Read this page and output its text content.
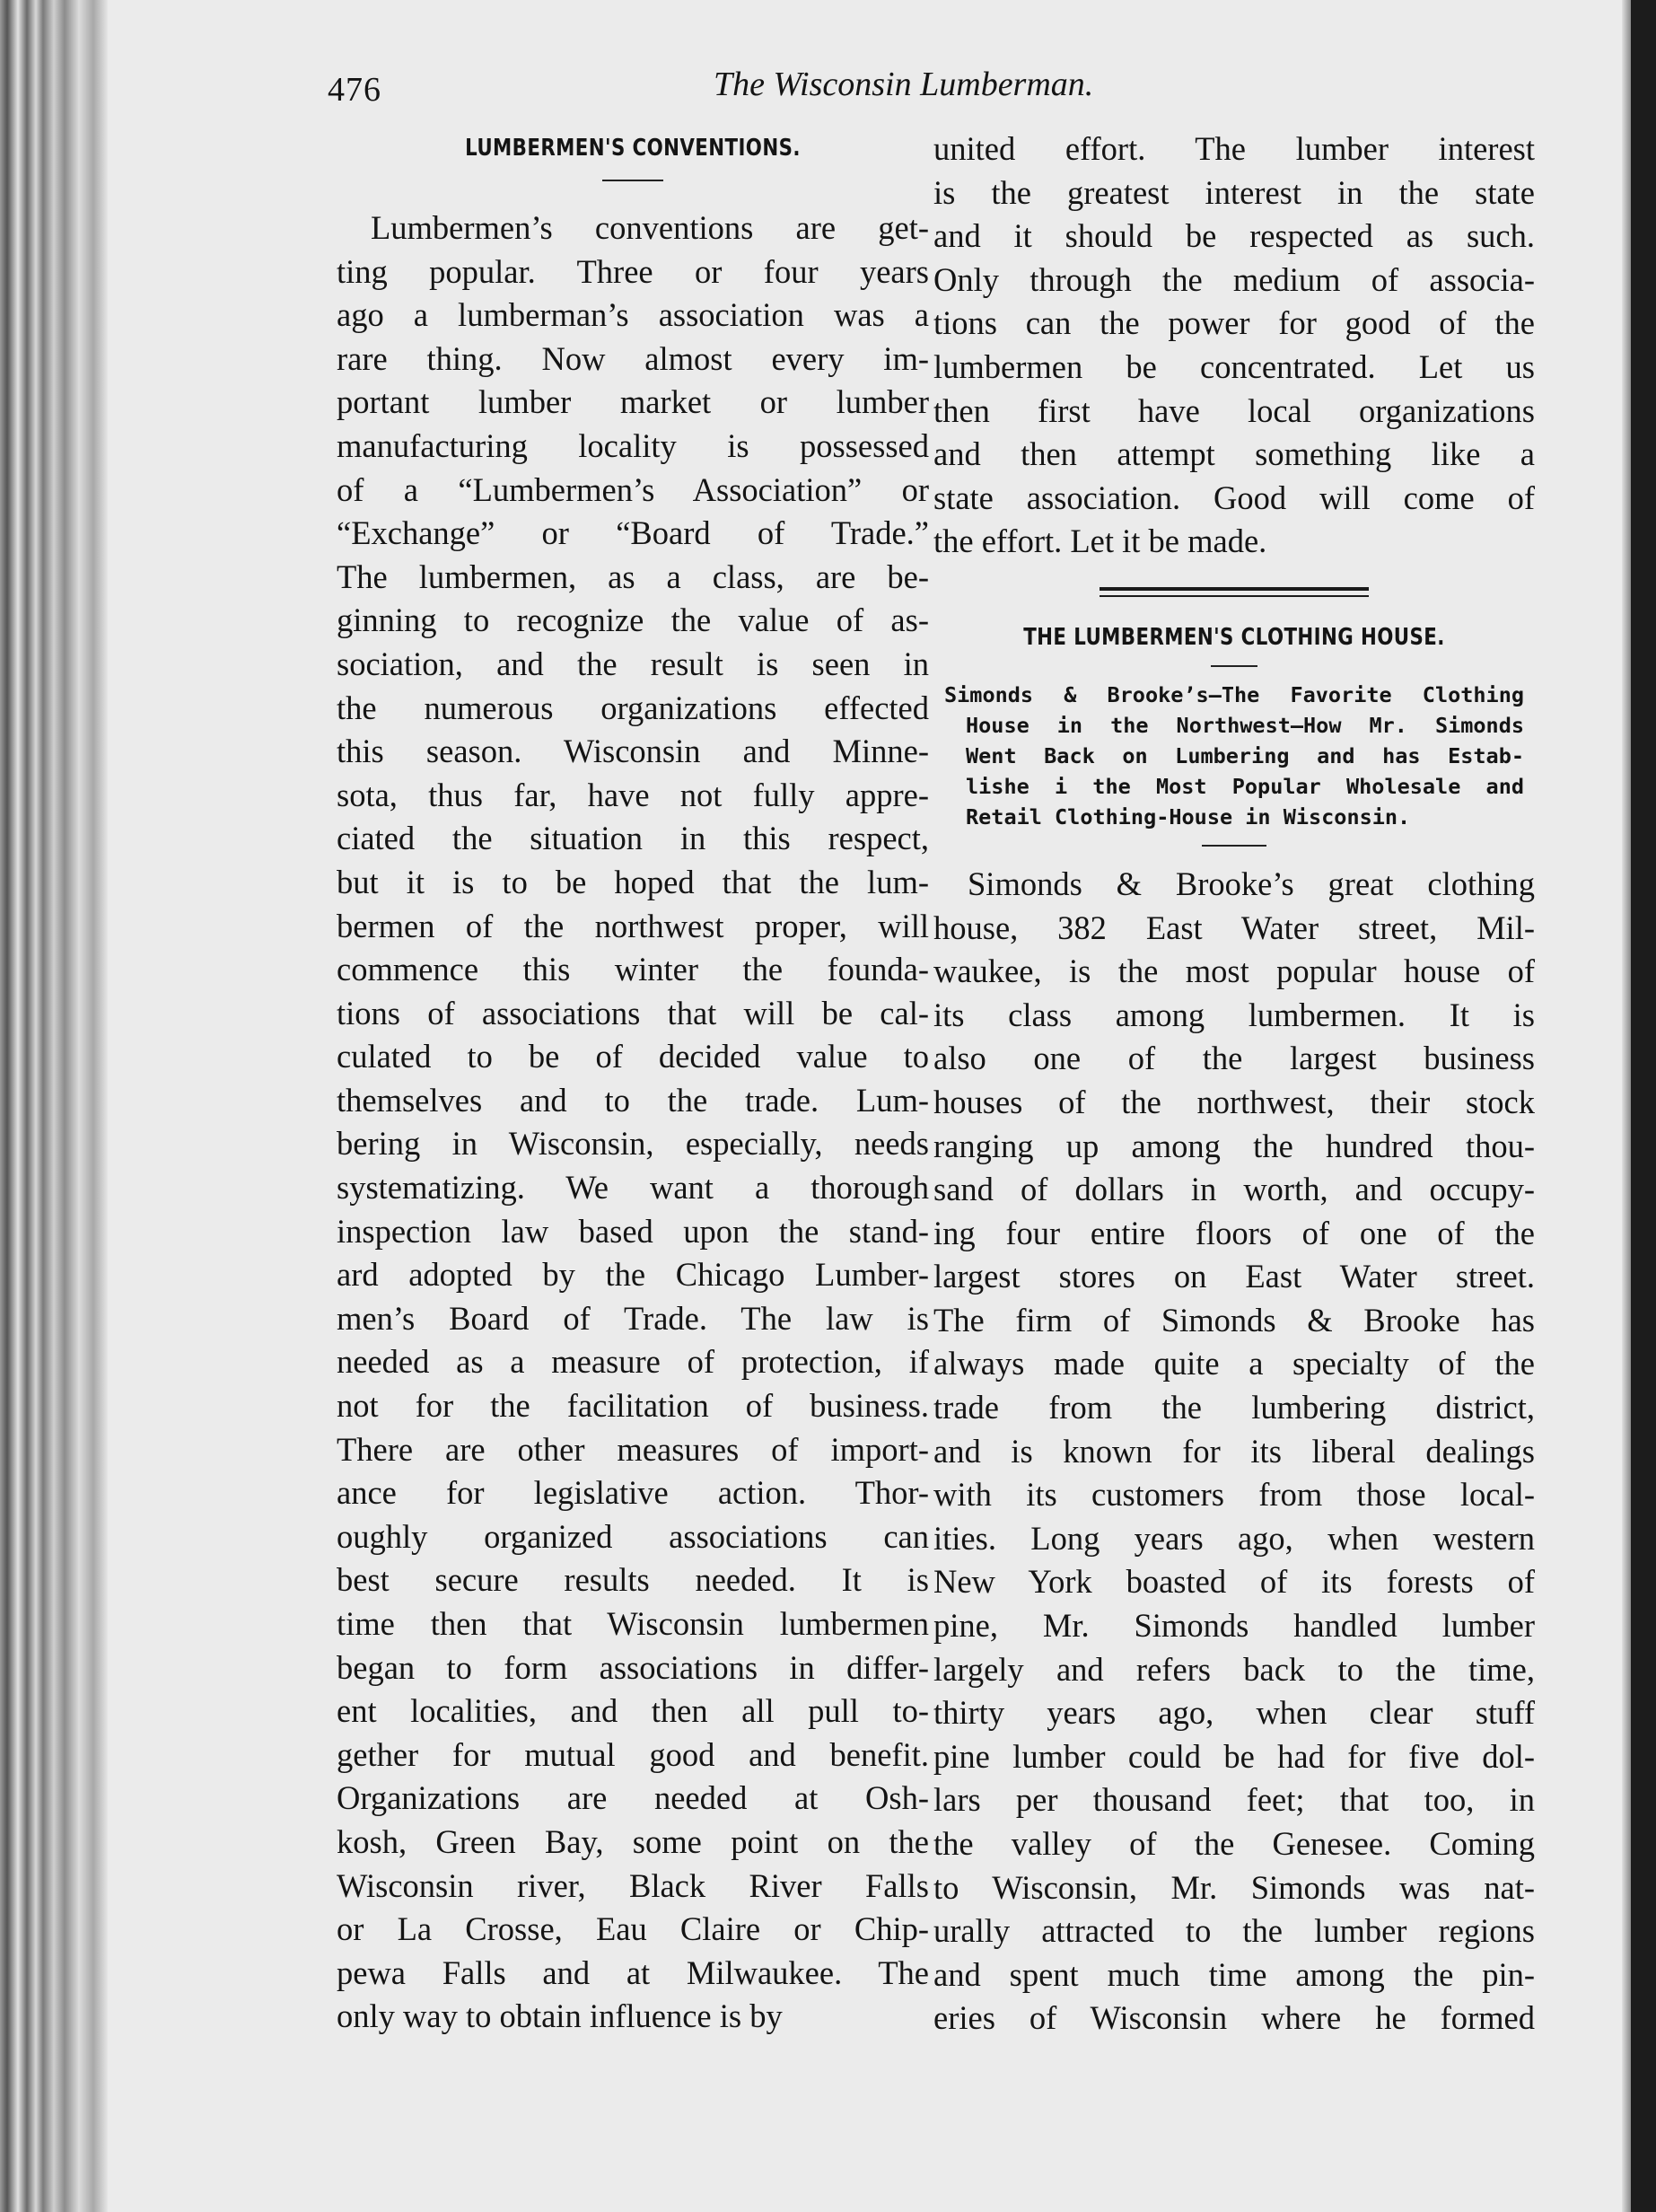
476	The Wisconsin Lumberman.
LUMBERMEN'S CONVENTIONS.
Lumbermen’s conventions are get-
ting popular. Three or four years
ago a lumberman’s association was a
rare thing. Now almost every im-
portant lumber market or lumber
manufacturing locality is possessed
of a “Lumbermen’s Association” or
“Exchange” or “Board of Trade.”
The lumbermen, as a class, are be-
ginning to recognize the value of as-
sociation, and the result is seen in
the numerous organizations effected
this season. Wisconsin and Minne-
sota, thus far, have not fully appre-
ciated the situation in this respect,
but it is to be hoped that the lum-
bermen of the northwest proper, will
commence this winter the founda-
tions of associations that will be cal-
culated to be of decided value to
themselves and to the trade. Lum-
bering in Wisconsin, especially, needs
systematizing. We want a thorough
inspection law based upon the stand-
ard adopted by the Chicago Lumber-
men’s Board of Trade. The law is
needed as a measure of protection, if
not for the facilitation of business.
There are other measures of import-
ance for legislative action. Thor-
oughly organized associations can
best secure results needed. It is
time then that Wisconsin lumbermen
began to form associations in differ-
ent localities, and then all pull to-
gether for mutual good and benefit.
Organizations are needed at Osh-
kosh, Green Bay, some point on the
Wisconsin river, Black River Falls
or La Crosse, Eau Claire or Chip-
pewa Falls and at Milwaukee. The
only way to obtain influence is by
united effort. The lumber interest
is the greatest interest in the state
and it should be respected as such.
Only through the medium of associa-
tions can the power for good of the
lumbermen be concentrated. Let us
then first have local organizations
and then attempt something like a
state association. Good will come of
the effort. Let it be made.
THE LUMBERMEN'S CLOTHING HOUSE.
Simonds & Brooke’s—The Favorite Clothing
House in the Northwest—How Mr. Simonds
Went Back on Lumbering and has Estab-
lishe i the Most Popular Wholesale and
Retail Clothing-House in Wisconsin.
Simonds & Brooke’s great clothing
house, 382 East Water street, Mil-
waukee, is the most popular house of
its class among lumbermen. It is
also one of the largest business
houses of the northwest, their stock
ranging up among the hundred thou-
sand of dollars in worth, and occupy-
ing four entire floors of one of the
largest stores on East Water street.
The firm of Simonds & Brooke has
always made quite a specialty of the
trade from the lumbering district,
and is known for its liberal dealings
with its customers from those local-
ities. Long years ago, when western
New York boasted of its forests of
pine, Mr. Simonds handled lumber
largely and refers back to the time,
thirty years ago, when clear stuff
pine lumber could be had for five dol-
lars per thousand feet; that too, in
the valley of the Genesee. Coming
to Wisconsin, Mr. Simonds was nat-
urally attracted to the lumber regions
and spent much time among the pin-
eries of Wisconsin where he formed
